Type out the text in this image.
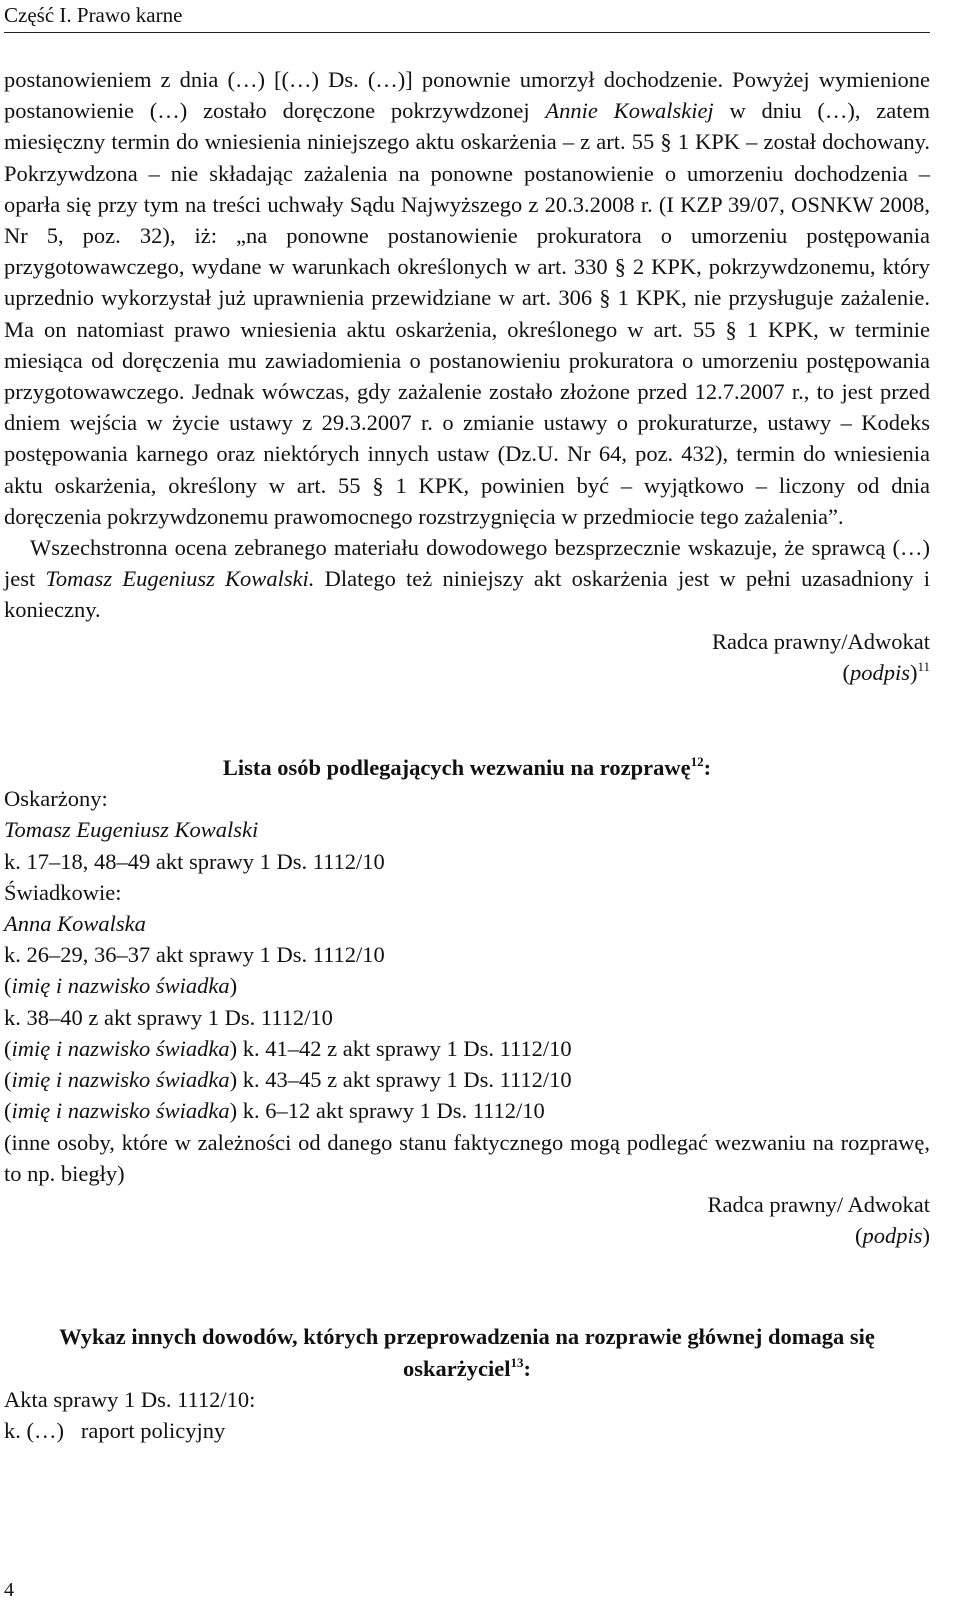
Część I. Prawo karne

postanowieniem z dnia (…) [(…) Ds. (…)] ponownie umorzył dochodzenie. Powyżej wymienione postanowienie (…) zostało doręczone pokrzywdzonej Annie Kowalskiej w dniu (…), zatem miesięczny termin do wniesienia niniejszego aktu oskarżenia – z art. 55 § 1 KPK – został dochowany. Pokrzywdzona – nie składając zażalenia na ponowne postanowienie o umorzeniu dochodzenia – oparła się przy tym na treści uchwały Sądu Najwyższego z 20.3.2008 r. (I KZP 39/07, OSNKW 2008, Nr 5, poz. 32), iż: „na ponowne postanowienie prokuratora o umorzeniu postępowania przygotowawczego, wydane w warunkach określonych w art. 330 § 2 KPK, pokrzywdzonemu, który uprzednio wykorzystał już uprawnienia przewidziane w art. 306 § 1 KPK, nie przysługuje zażalenie. Ma on natomiast prawo wniesienia aktu oskarżenia, określonego w art. 55 § 1 KPK, w terminie miesiąca od doręczenia mu zawiadomienia o postanowieniu prokuratora o umorzeniu postępowania przygotowawczego. Jednak wówczas, gdy zażalenie zostało złożone przed 12.7.2007 r., to jest przed dniem wejścia w życie ustawy z 29.3.2007 r. o zmianie ustawy o prokuraturze, ustawy – Kodeks postępowania karnego oraz niektórych innych ustaw (Dz.U. Nr 64, poz. 432), termin do wniesienia aktu oskarżenia, określony w art. 55 § 1 KPK, powinien być – wyjątkowo – liczony od dnia doręczenia pokrzywdzonemu prawomocnego rozstrzygnięcia w przedmiocie tego zażalenia”.

Wszechstronna ocena zebranego materiału dowodowego bezsprzecznie wskazuje, że sprawcą (…) jest Tomasz Eugeniusz Kowalski. Dlatego też niniejszy akt oskarżenia jest w pełni uzasadniony i konieczny.

Radca prawny/Adwokat

(podpis)$^{11}$

Lista osób podlegających wezwaniu na rozprawę$^{12}$:

Oskarżony:

Tomasz Eugeniusz Kowalski

k. 17–18, 48–49 akt sprawy 1 Ds. 1112/10

Świadkowie:

Anna Kowalska

k. 26–29, 36–37 akt sprawy 1 Ds. 1112/10

(imię i nazwisko świadka)

k. 38–40 z akt sprawy 1 Ds. 1112/10

(imię i nazwisko świadka) k. 41–42 z akt sprawy 1 Ds. 1112/10

(imię i nazwisko świadka) k. 43–45 z akt sprawy 1 Ds. 1112/10

(imię i nazwisko świadka) k. 6–12 akt sprawy 1 Ds. 1112/10

(inne osoby, które w zależności od danego stanu faktycznego mogą podlegać wezwaniu na rozprawę, to np. biegły)

Radca prawny/ Adwokat

(podpis)

Wykaz innych dowodów, których przeprowadzenia na rozprawie głównej domaga się oskarżyciel$^{13}$:

Akta sprawy 1 Ds. 1112/10:

k. (…)   raport policyjny

4
